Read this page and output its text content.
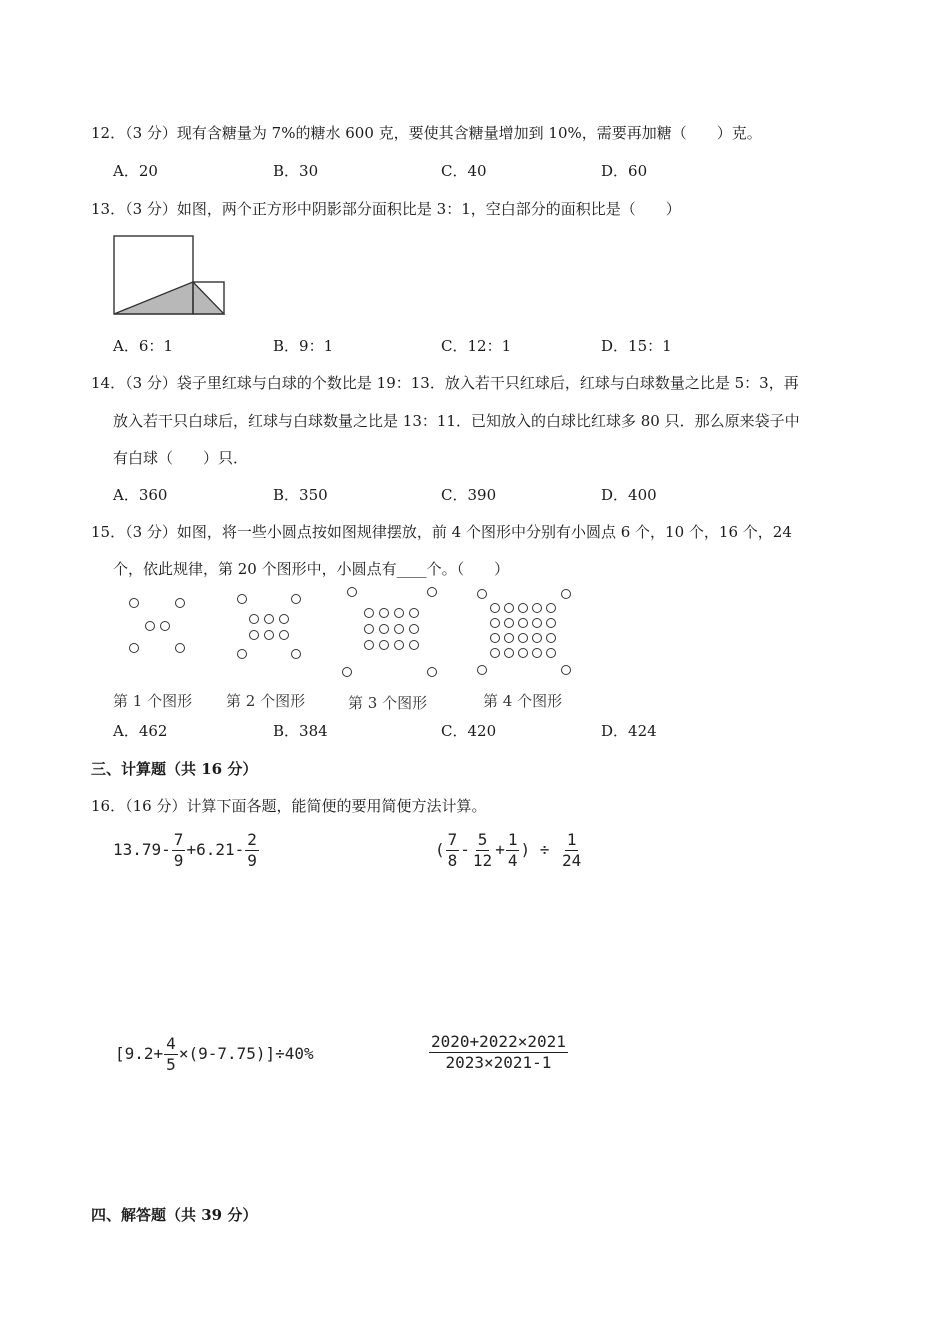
12．（3 分）现有含糖量为 7%的糖水 600 克，要使其含糖量增加到 10%，需要再加糖（　　）克。
A．20	B．30	C．40	D．60
13．（3 分）如图，两个正方形中阴影部分面积比是 3：1，空白部分的面积比是（　　）
A．6：1	B．9：1	C．12：1	D．15：1
14．（3 分）袋子里红球与白球的个数比是 19：13．放入若干只红球后，红球与白球数量之比是 5：3，再
放入若干只白球后，红球与白球数量之比是 13：11．已知放入的白球比红球多 80 只．那么原来袋子中
有白球（　　）只．
A．360	B．350	C．390	D．400
15．（3 分）如图，将一些小圆点按如图规律摆放，前 4 个图形中分别有小圆点 6 个，10 个，16 个，24
个，依此规律，第 20 个图形中，小圆点有____个。（　　）
第 1 个图形 第 2 个图形	第 3 个图形	第 4 个图形
A．462	B．384	C．420	D．424
三、计算题（共 16 分）
16．（16 分）计算下面各题，能简便的要用简便方法计算。
$13.79- \frac{7}{9} +6.21- \frac{2}{9}$	( $\frac{7}{8} - \frac{5}{12} + \frac{1}{4}$ ) ÷ $\frac{1}{24}$
$[9.2+ \frac{4}{5} \times(9-7.75)]\div 40\%$	$\frac{2020+2022\times 2021}{2023\times 2021-1}$
四、解答题（共 39 分）
